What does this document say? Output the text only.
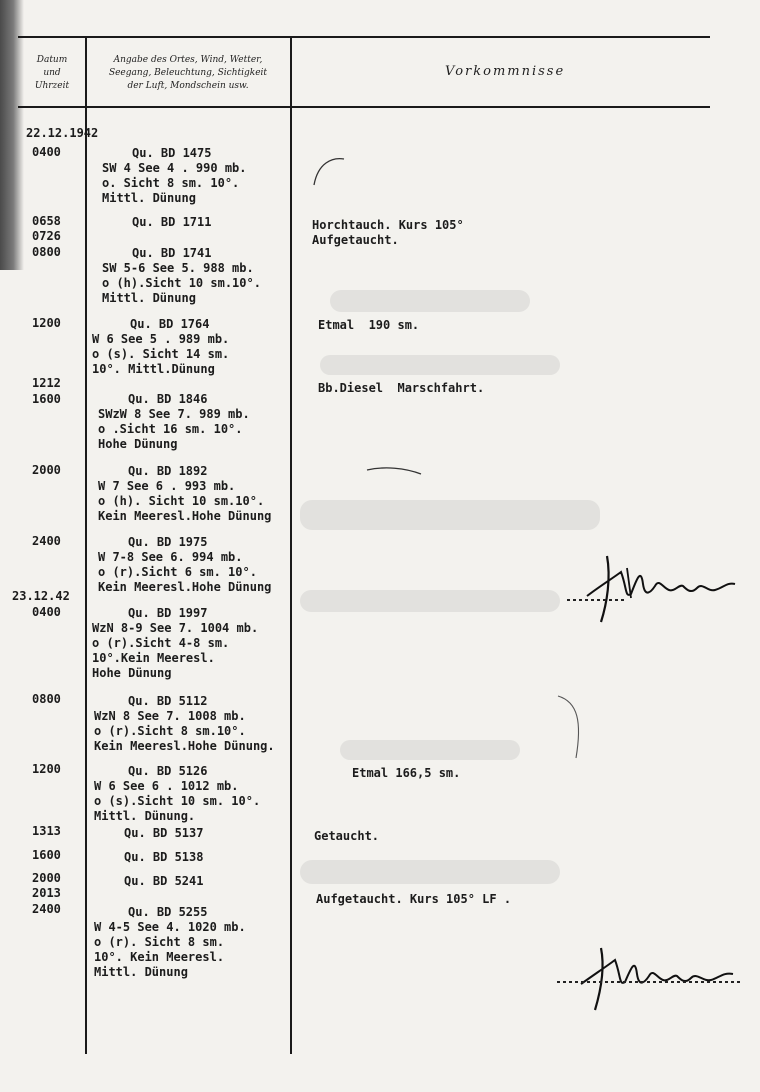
Datum
und
Uhrzeit
Angabe des Ortes, Wind, Wetter,
Seegang, Beleuchtung, Sichtigkeit
der Luft, Mondschein usw.
Vorkommnisse
22.12.1942
23.12.42
0400
0658
0726
0800
1200
1212
1600
2000
2400
0400
0800
1200
1313
1600
2000
2013
2400
Qu. BD 1475
SW 4 See 4 . 990 mb.
o. Sicht 8 sm. 10°.
Mittl. Dünung
Qu. BD 1711
Qu. BD 1741
SW 5-6 See 5. 988 mb.
o (h).Sicht 10 sm.10°.
Mittl. Dünung
Qu. BD 1764
W 6 See 5 . 989 mb.
o (s). Sicht 14 sm.
10°. Mittl.Dünung
Qu. BD 1846
SWzW 8 See 7. 989 mb.
o .Sicht 16 sm. 10°.
Hohe Dünung
Qu. BD 1892
W 7 See 6 . 993 mb.
o (h). Sicht 10 sm.10°.
Kein Meeresl.Hohe Dünung
Qu. BD 1975
W 7-8 See 6. 994 mb.
o (r).Sicht 6 sm. 10°.
Kein Meeresl.Hohe Dünung
Qu. BD 1997
WzN 8-9 See 7. 1004 mb.
o (r).Sicht 4-8 sm.
10°.Kein Meeresl.
Hohe Dünung
Qu. BD 5112
WzN 8 See 7. 1008 mb.
o (r).Sicht 8 sm.10°.
Kein Meeresl.Hohe Dünung.
Qu. BD 5126
W 6 See 6 . 1012 mb.
o (s).Sicht 10 sm. 10°.
Mittl. Dünung.
Qu. BD 5137
Qu. BD 5138
Qu. BD 5241
Qu. BD 5255
W 4-5 See 4. 1020 mb.
o (r). Sicht 8 sm.
10°. Kein Meeresl.
Mittl. Dünung
Horchtauch. Kurs 105°
Aufgetaucht.
Etmal  190 sm.
Bb.Diesel  Marschfahrt.
Etmal 166,5 sm.
Getaucht.
Aufgetaucht. Kurs 105° LF .
